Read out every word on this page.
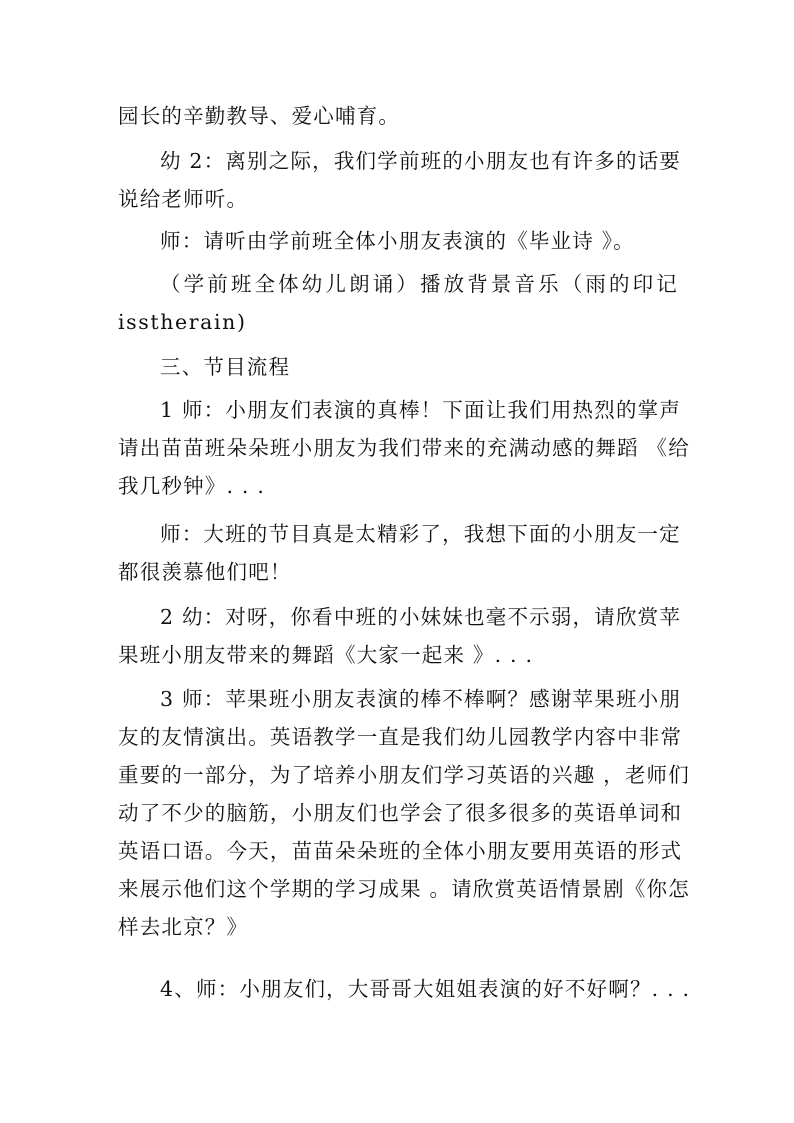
园长的辛勤教导、爱心哺育。
幼 2：离别之际，我们学前班的小朋友也有许多的话要
说给老师听。
师：请听由学前班全体小朋友表演的《毕业诗 》。
（学前班全体幼儿朗诵）播放背景音乐（雨的印记
isstherain)
三、节目流程
1 师：小朋友们表演的真棒！下面让我们用热烈的掌声
请出苗苗班朵朵班小朋友为我们带来的充满动感的舞蹈 《给
我几秒钟》. . .
师：大班的节目真是太精彩了，我想下面的小朋友一定
都很羡慕他们吧！
2 幼：对呀，你看中班的小妹妹也毫不示弱，请欣赏苹
果班小朋友带来的舞蹈《大家一起来 》. . .
3 师：苹果班小朋友表演的棒不棒啊？感谢苹果班小朋
友的友情演出。英语教学一直是我们幼儿园教学内容中非常
重要的一部分，为了培养小朋友们学习英语的兴趣 ，老师们
动了不少的脑筋，小朋友们也学会了很多很多的英语单词和
英语口语。今天，苗苗朵朵班的全体小朋友要用英语的形式
来展示他们这个学期的学习成果 。请欣赏英语情景剧《你怎
样去北京？》
4、师：小朋友们，大哥哥大姐姐表演的好不好啊？. . .
